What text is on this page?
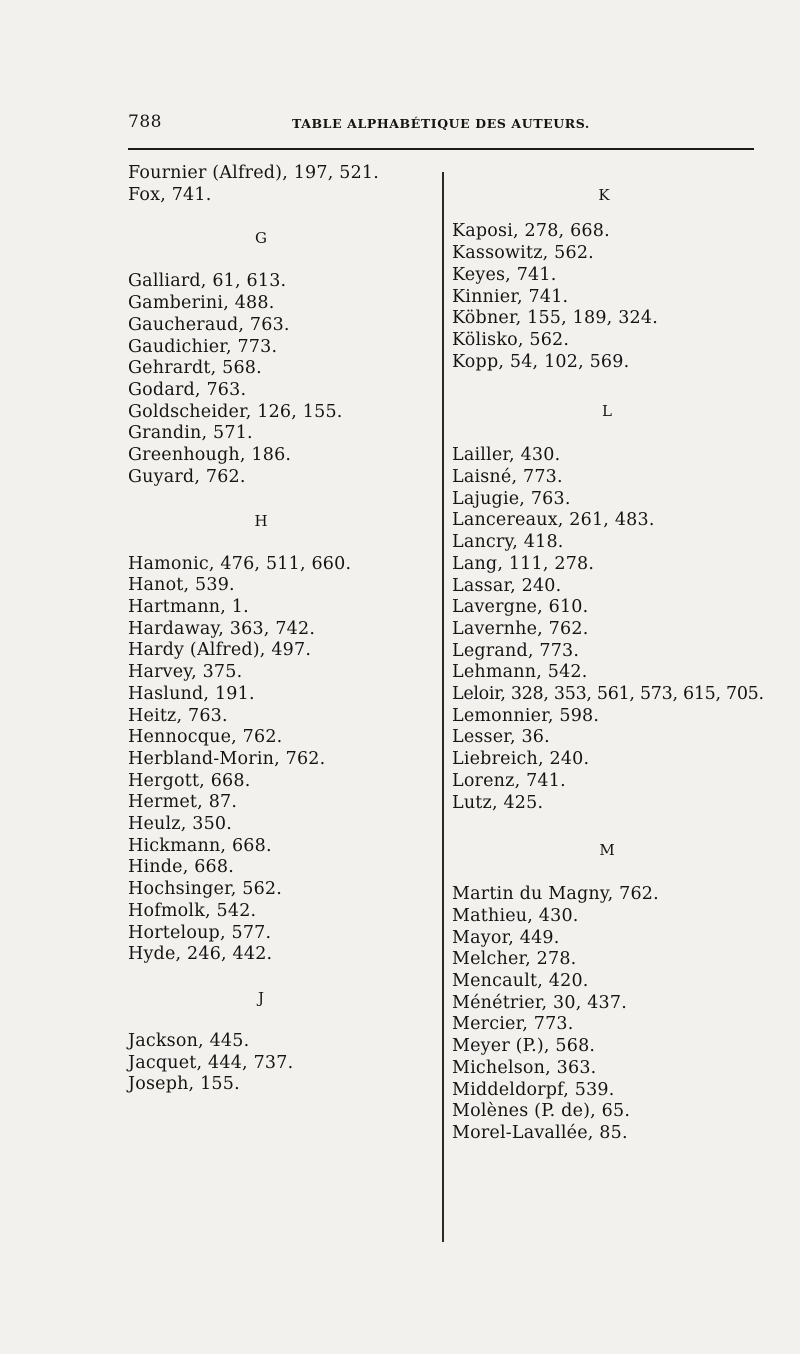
788	TABLE ALPHABÉTIQUE DES AUTEURS.
Fournier (Alfred), 197, 521.
Fox, 741.
G
Galliard, 61, 613.
Gamberini, 488.
Gaucheraud, 763.
Gaudichier, 773.
Gehrardt, 568.
Godard, 763.
Goldscheider, 126, 155.
Grandin, 571.
Greenhough, 186.
Guyard, 762.
H
Hamonic, 476, 511, 660.
Hanot, 539.
Hartmann, 1.
Hardaway, 363, 742.
Hardy (Alfred), 497.
Harvey, 375.
Haslund, 191.
Heitz, 763.
Hennocque, 762.
Herbland-Morin, 762.
Hergott, 668.
Hermet, 87.
Heulz, 350.
Hickmann, 668.
Hinde, 668.
Hochsinger, 562.
Hofmolk, 542.
Horteloup, 577.
Hyde, 246, 442.
J
Jackson, 445.
Jacquet, 444, 737.
Joseph, 155.
K
Kaposi, 278, 668.
Kassowitz, 562.
Keyes, 741.
Kinnier, 741.
Köbner, 155, 189, 324.
Kölisko, 562.
Kopp, 54, 102, 569.
L
Lailler, 430.
Laisné, 773.
Lajugie, 763.
Lancereaux, 261, 483.
Lancry, 418.
Lang, 111, 278.
Lassar, 240.
Lavergne, 610.
Lavernhe, 762.
Legrand, 773.
Lehmann, 542.
Leloir, 328, 353, 561, 573, 615, 705.
Lemonnier, 598.
Lesser, 36.
Liebreich, 240.
Lorenz, 741.
Lutz, 425.
M
Martin du Magny, 762.
Mathieu, 430.
Mayor, 449.
Melcher, 278.
Mencault, 420.
Ménétrier, 30, 437.
Mercier, 773.
Meyer (P.), 568.
Michelson, 363.
Middeldorpf, 539.
Molènes (P. de), 65.
Morel-Lavallée, 85.
